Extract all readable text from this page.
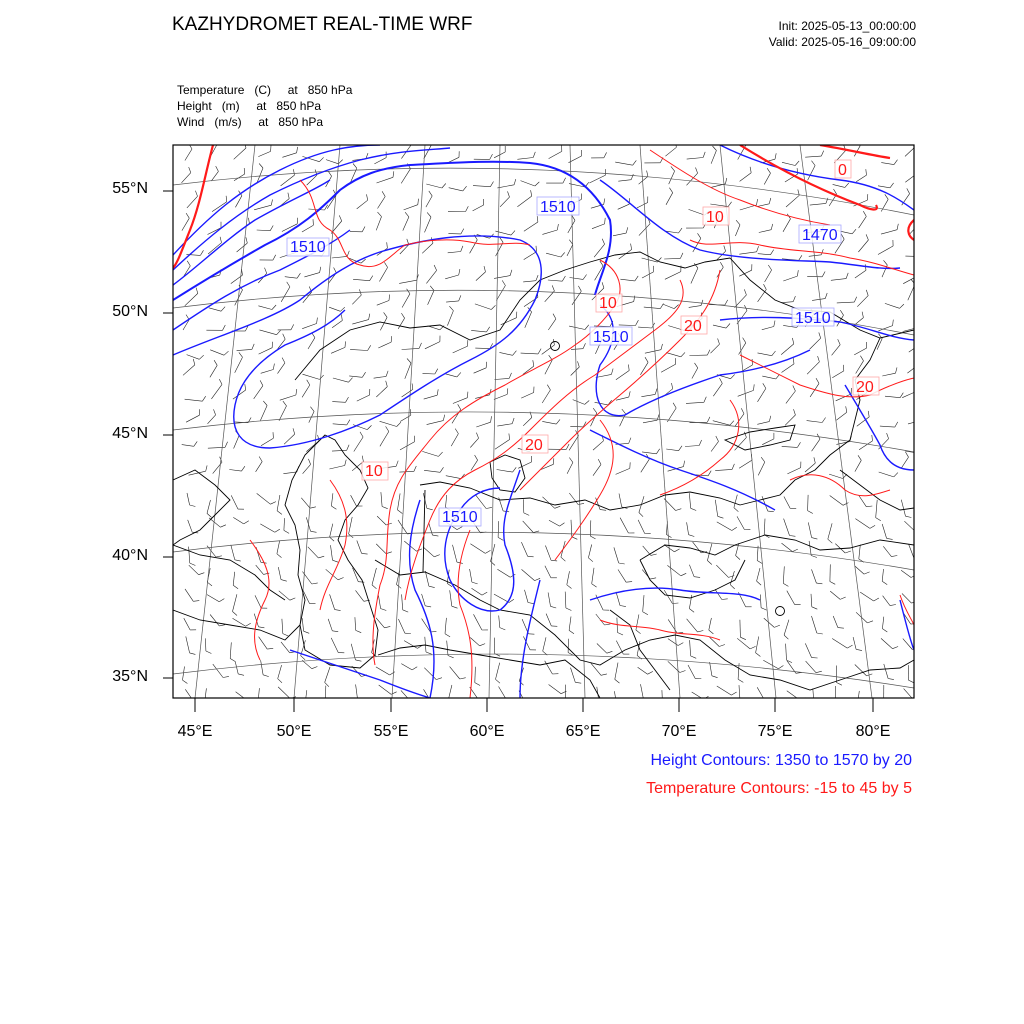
KAZHYDROMET REAL-TIME WRF	Init: 2025-05-13_00:00:00
Valid: 2025-05-16_09:00:00
Temperature   (C)     at   850 hPa
Height   (m)     at   850 hPa
Wind   (m/s)     at   850 hPa
1510
1510
1470
1510
1510
1510
0
10
10
20
20
10
20
55°N
50°N
45°N
40°N
35°N
45°E	50°E	55°E	60°E	65°E	70°E	75°E	80°E
Height Contours: 1350 to 1570 by 20
Temperature Contours: -15 to 45 by 5
